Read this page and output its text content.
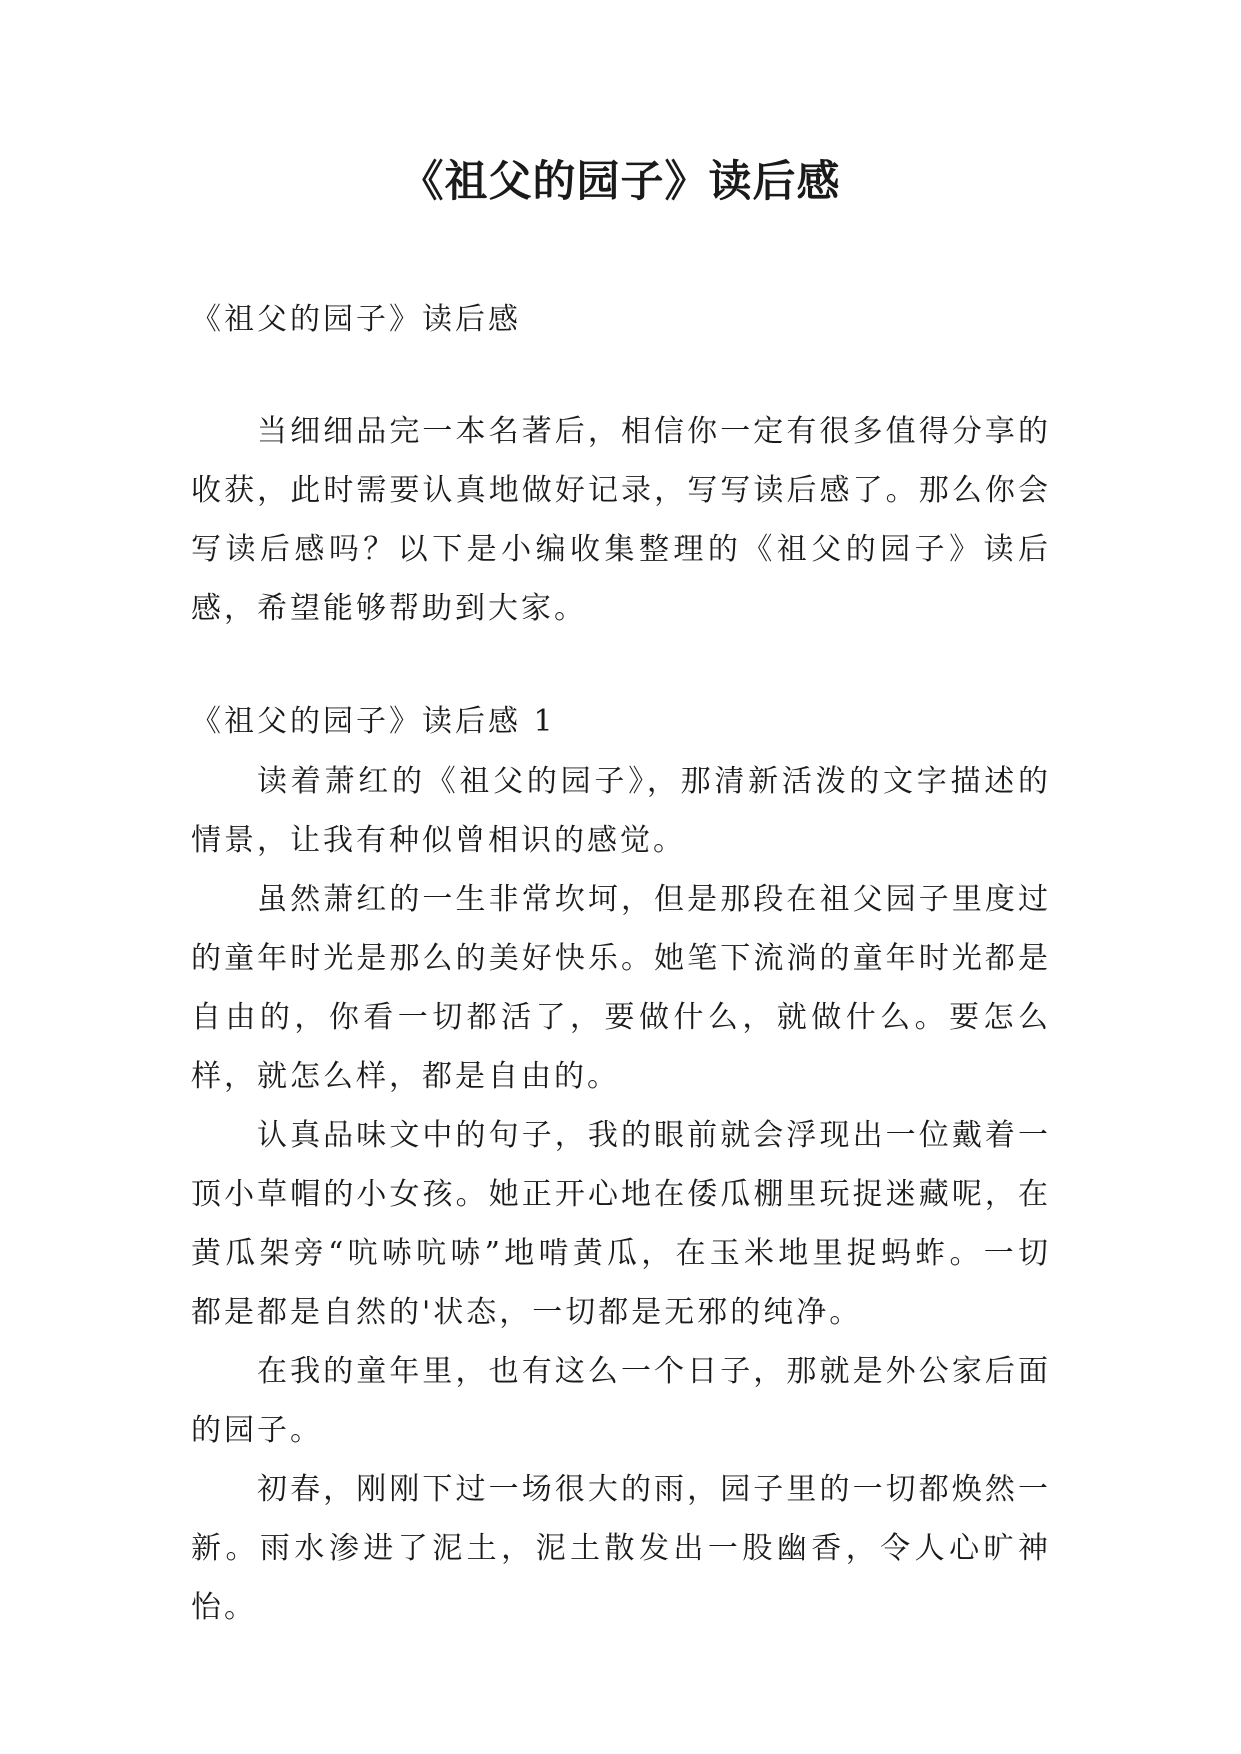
《祖父的园子》读后感

《祖父的园子》读后感

当细细品完一本名著后，相信你一定有很多值得分享的收获，此时需要认真地做好记录，写写读后感了。那么你会写读后感吗？以下是小编收集整理的《祖父的园子》读后感，希望能够帮助到大家。

《祖父的园子》读后感 1

读着萧红的《祖父的园子》，那清新活泼的文字描述的情景，让我有种似曾相识的感觉。

虽然萧红的一生非常坎坷，但是那段在祖父园子里度过的童年时光是那么的美好快乐。她笔下流淌的童年时光都是自由的，你看一切都活了，要做什么，就做什么。要怎么样，就怎么样，都是自由的。

认真品味文中的句子，我的眼前就会浮现出一位戴着一顶小草帽的小女孩。她正开心地在倭瓜棚里玩捉迷藏呢，在黄瓜架旁“吭哧吭哧”地啃黄瓜，在玉米地里捉蚂蚱。一切都是都是自然的'状态，一切都是无邪的纯净。

在我的童年里，也有这么一个日子，那就是外公家后面的园子。

初春，刚刚下过一场很大的雨，园子里的一切都焕然一新。雨水渗进了泥土，泥土散发出一股幽香，令人心旷神怡。
